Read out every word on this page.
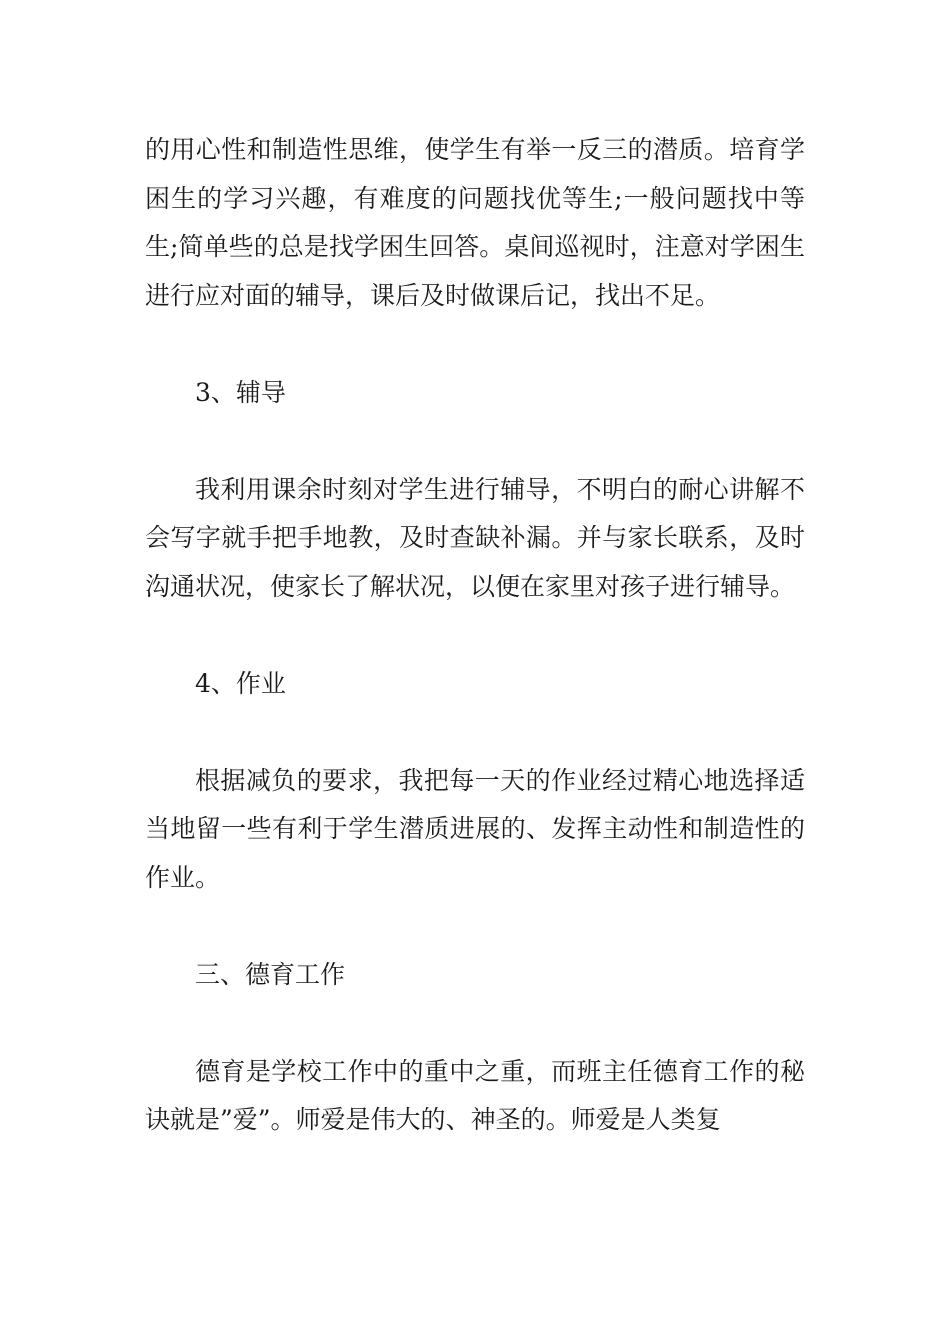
的用心性和制造性思维，使学生有举一反三的潜质。培育学困生的学习兴趣，有难度的问题找优等生;一般问题找中等生;简单些的总是找学困生回答。桌间巡视时，注意对学困生进行应对面的辅导，课后及时做课后记，找出不足。

3、辅导

我利用课余时刻对学生进行辅导，不明白的耐心讲解不会写字就手把手地教，及时查缺补漏。并与家长联系，及时沟通状况，使家长了解状况，以便在家里对孩子进行辅导。

4、作业

根据减负的要求，我把每一天的作业经过精心地选择适当地留一些有利于学生潜质进展的、发挥主动性和制造性的作业。

三、德育工作

德育是学校工作中的重中之重，而班主任德育工作的秘诀就是”爱”。师爱是伟大的、神圣的。师爱是人类复
